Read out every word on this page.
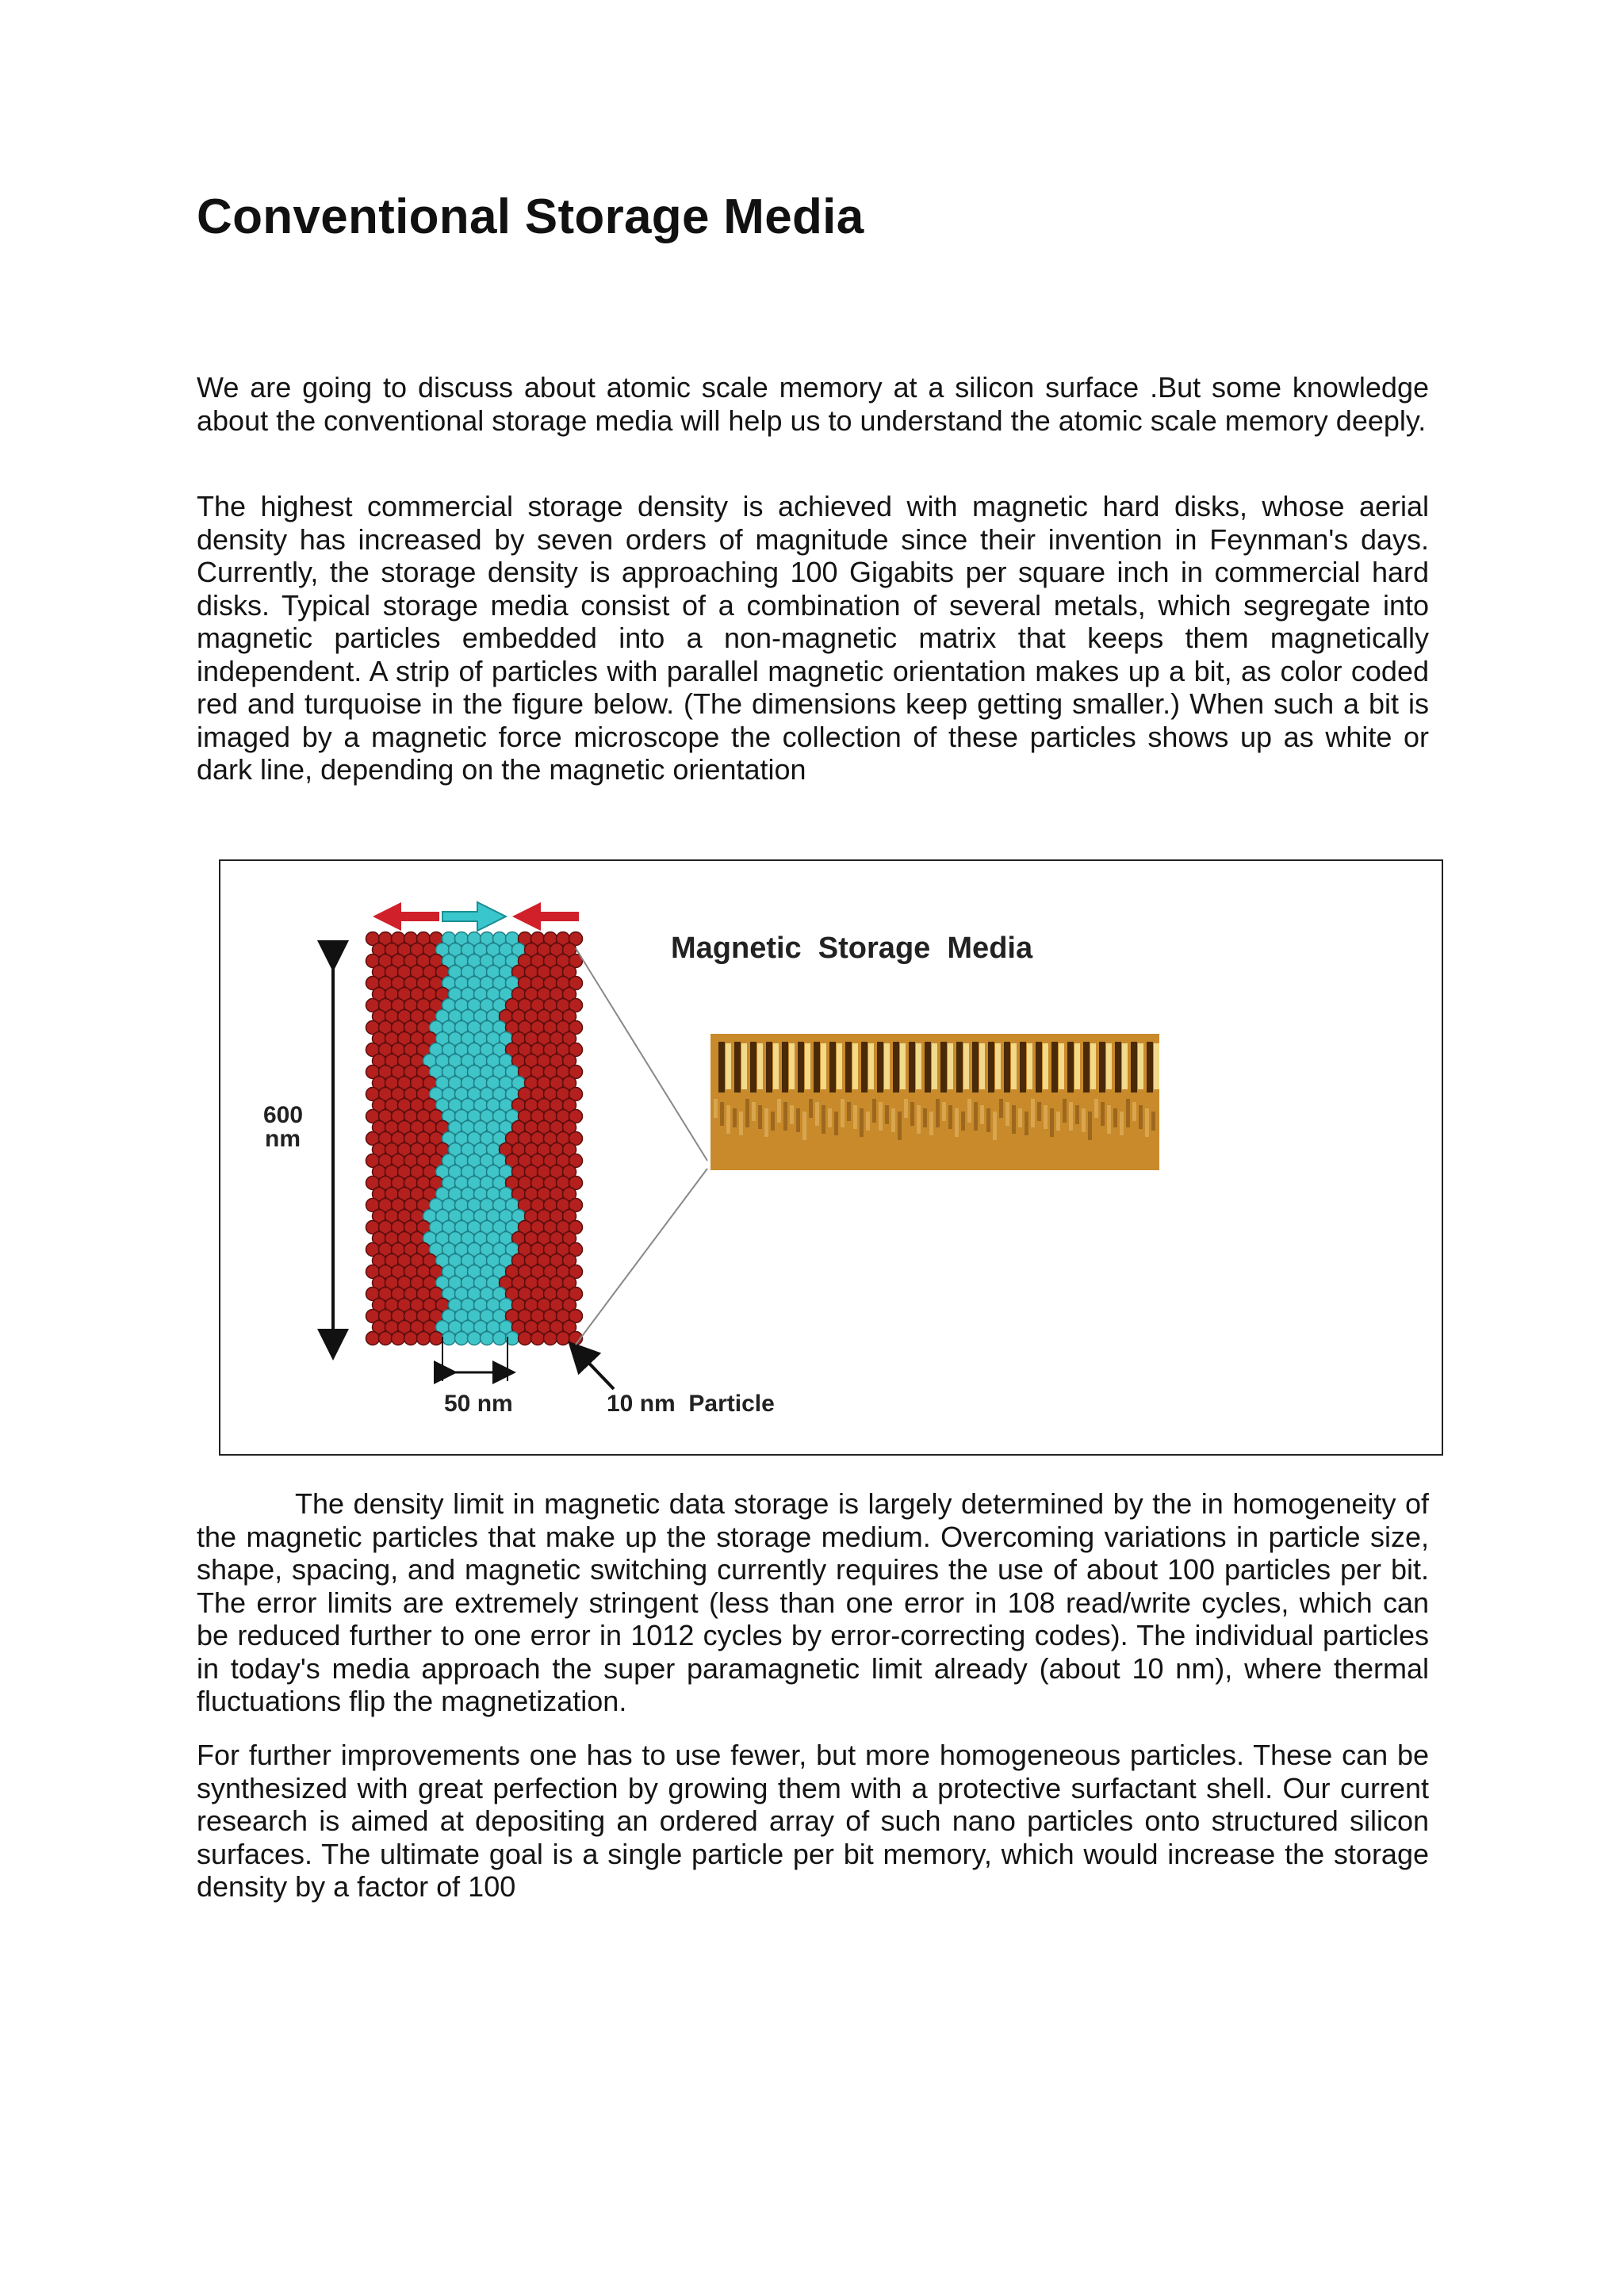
Conventional Storage Media

We are going to discuss about atomic scale memory at a silicon surface .But some knowledge about the conventional storage media will help us to understand the atomic scale memory deeply.

The highest commercial storage density is achieved with magnetic hard disks, whose aerial density has increased by seven orders of magnitude since their invention in Feynman's days. Currently, the storage density is approaching 100 Gigabits per square inch in commercial hard disks. Typical storage media consist of a combination of several metals, which segregate into magnetic particles embedded into a non-magnetic matrix that keeps them magnetically independent. A strip of particles with parallel magnetic orientation makes up a bit, as color coded red and turquoise in the figure below. (The dimensions keep getting smaller.) When such a bit is imaged by a magnetic force microscope the collection of these particles shows up as white or dark line, depending on the magnetic orientation

600
nm
50 nm	10 nm  Particle
Magnetic  Storage  Media

The density limit in magnetic data storage is largely determined by the in homogeneity of the magnetic particles that make up the storage medium. Overcoming variations in particle size, shape, spacing, and magnetic switching currently requires the use of about 100 particles per bit. The error limits are extremely stringent (less than one error in 108 read/write cycles, which can be reduced further to one error in 1012 cycles by error-correcting codes). The individual particles in today's media approach the super paramagnetic limit already (about 10 nm), where thermal fluctuations flip the magnetization.

For further improvements one has to use fewer, but more homogeneous particles. These can be synthesized with great perfection by growing them with a protective surfactant shell. Our current research is aimed at depositing an ordered array of such nano particles onto structured silicon surfaces. The ultimate goal is a single particle per bit memory, which would increase the storage density by a factor of 100
